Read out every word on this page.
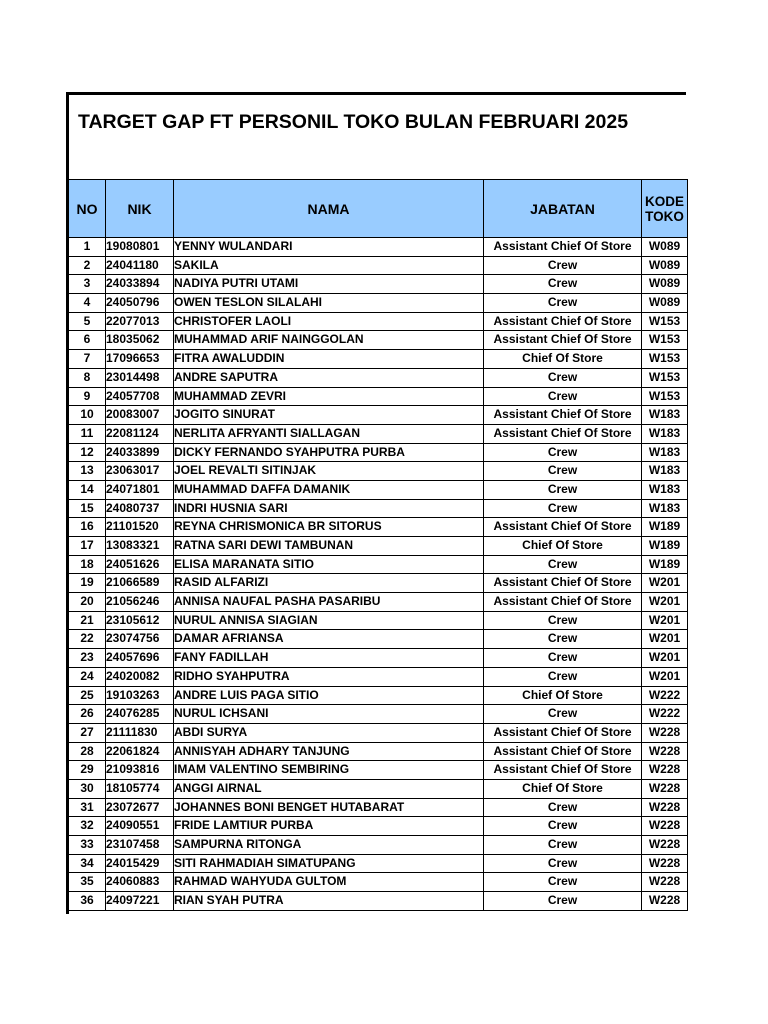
TARGET GAP FT PERSONIL TOKO BULAN FEBRUARI 2025
NO	NIK	NAMA	JABATAN	KODE
TOKO
1	19080801	YENNY WULANDARI	Assistant Chief Of Store	W089
2	24041180	SAKILA	Crew	W089
3	24033894	NADIYA PUTRI UTAMI	Crew	W089
4	24050796	OWEN TESLON SILALAHI	Crew	W089
5	22077013	CHRISTOFER LAOLI	Assistant Chief Of Store	W153
6	18035062	MUHAMMAD ARIF NAINGGOLAN	Assistant Chief Of Store	W153
7	17096653	FITRA AWALUDDIN	Chief Of Store	W153
8	23014498	ANDRE SAPUTRA	Crew	W153
9	24057708	MUHAMMAD ZEVRI	Crew	W153
10	20083007	JOGITO SINURAT	Assistant Chief Of Store	W183
11	22081124	NERLITA AFRYANTI SIALLAGAN	Assistant Chief Of Store	W183
12	24033899	DICKY FERNANDO SYAHPUTRA PURBA	Crew	W183
13	23063017	JOEL REVALTI SITINJAK	Crew	W183
14	24071801	MUHAMMAD DAFFA DAMANIK	Crew	W183
15	24080737	INDRI HUSNIA SARI	Crew	W183
16	21101520	REYNA CHRISMONICA BR SITORUS	Assistant Chief Of Store	W189
17	13083321	RATNA SARI DEWI TAMBUNAN	Chief Of Store	W189
18	24051626	ELISA MARANATA SITIO	Crew	W189
19	21066589	RASID ALFARIZI	Assistant Chief Of Store	W201
20	21056246	ANNISA NAUFAL PASHA PASARIBU	Assistant Chief Of Store	W201
21	23105612	NURUL ANNISA SIAGIAN	Crew	W201
22	23074756	DAMAR AFRIANSA	Crew	W201
23	24057696	FANY FADILLAH	Crew	W201
24	24020082	RIDHO SYAHPUTRA	Crew	W201
25	19103263	ANDRE LUIS PAGA SITIO	Chief Of Store	W222
26	24076285	NURUL ICHSANI	Crew	W222
27	21111830	ABDI SURYA	Assistant Chief Of Store	W228
28	22061824	ANNISYAH ADHARY TANJUNG	Assistant Chief Of Store	W228
29	21093816	IMAM VALENTINO SEMBIRING	Assistant Chief Of Store	W228
30	18105774	ANGGI AIRNAL	Chief Of Store	W228
31	23072677	JOHANNES BONI BENGET HUTABARAT	Crew	W228
32	24090551	FRIDE LAMTIUR PURBA	Crew	W228
33	23107458	SAMPURNA RITONGA	Crew	W228
34	24015429	SITI RAHMADIAH SIMATUPANG	Crew	W228
35	24060883	RAHMAD WAHYUDA GULTOM	Crew	W228
36	24097221	RIAN SYAH PUTRA	Crew	W228
